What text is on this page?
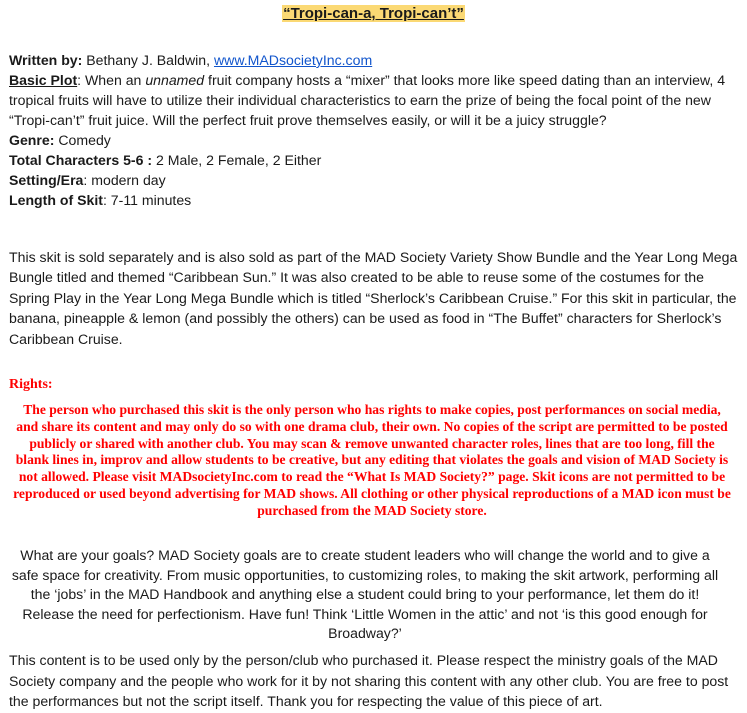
“Tropi-can-a, Tropi-can’t”

Written by: Bethany J. Baldwin, www.MADsocietyInc.com

Basic Plot: When an unnamed fruit company hosts a “mixer” that looks more like speed dating than an interview, 4 tropical fruits will have to utilize their individual characteristics to earn the prize of being the focal point of the new “Tropi-can’t” fruit juice. Will the perfect fruit prove themselves easily, or will it be a juicy struggle?

Genre: Comedy

Total Characters 5-6 : 2 Male, 2 Female, 2 Either

Setting/Era: modern day

Length of Skit: 7-11 minutes

This skit is sold separately and is also sold as part of the MAD Society Variety Show Bundle and the Year Long Mega Bungle titled and themed “Caribbean Sun.” It was also created to be able to reuse some of the costumes for the Spring Play in the Year Long Mega Bundle which is titled “Sherlock’s Caribbean Cruise.” For this skit in particular, the banana, pineapple & lemon (and possibly the others) can be used as food in “The Buffet” characters for Sherlock’s Caribbean Cruise.

Rights:

The person who purchased this skit is the only person who has rights to make copies, post performances on social media, and share its content and may only do so with one drama club, their own. No copies of the script are permitted to be posted publicly or shared with another club. You may scan & remove unwanted character roles, lines that are too long, fill the blank lines in, improv and allow students to be creative, but any editing that violates the goals and vision of MAD Society is not allowed. Please visit MADsocietyInc.com to read the “What Is MAD Society?” page. Skit icons are not permitted to be reproduced or used beyond advertising for MAD shows. All clothing or other physical reproductions of a MAD icon must be purchased from the MAD Society store.

What are your goals? MAD Society goals are to create student leaders who will change the world and to give a safe space for creativity. From music opportunities, to customizing roles, to making the skit artwork, performing all the ‘jobs’ in the MAD Handbook and anything else a student could bring to your performance, let them do it! Release the need for perfectionism. Have fun! Think ‘Little Women in the attic’ and not ‘is this good enough for Broadway?’

This content is to be used only by the person/club who purchased it. Please respect the ministry goals of the MAD Society company and the people who work for it by not sharing this content with any other club. You are free to post the performances but not the script itself. Thank you for respecting the value of this piece of art.
